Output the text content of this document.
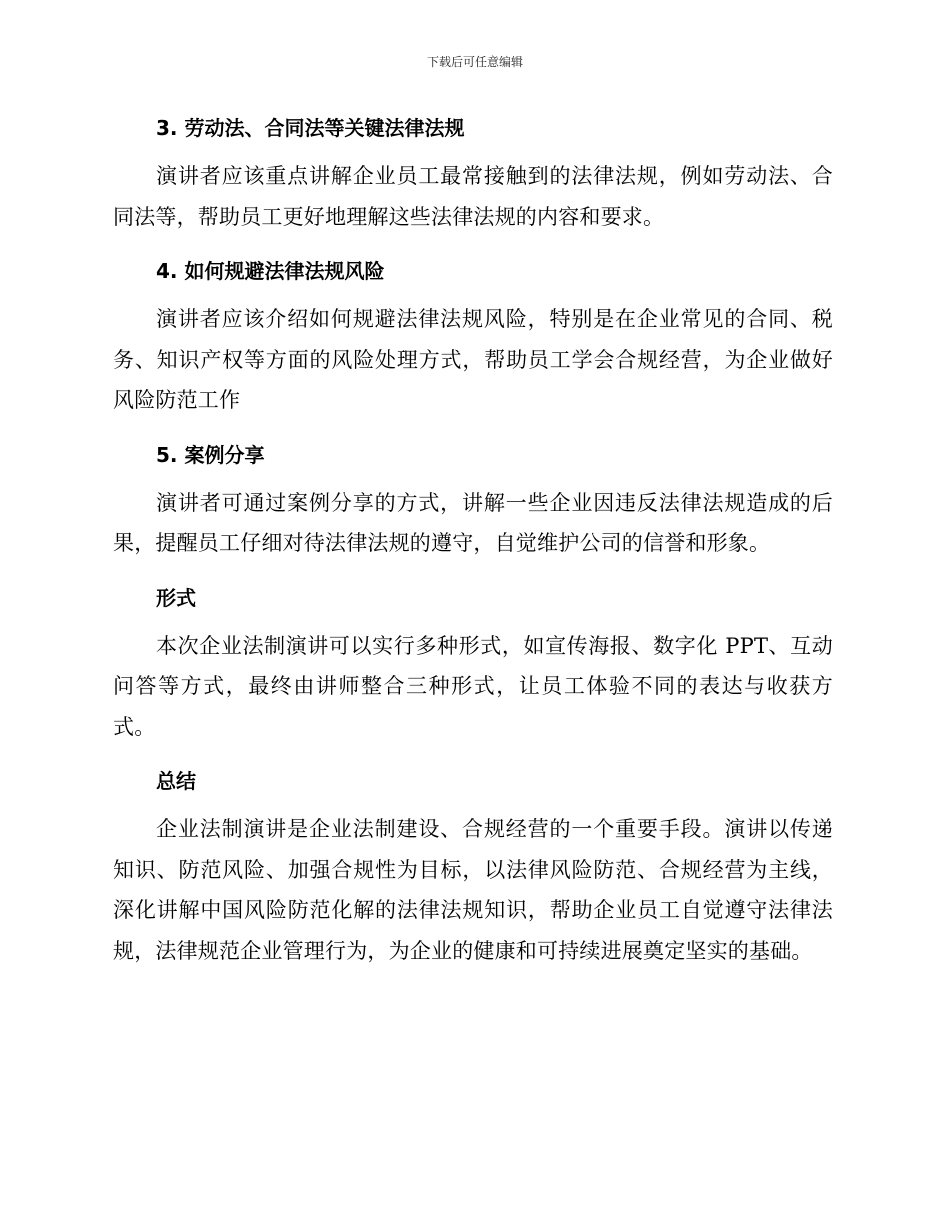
下载后可任意编辑
3. 劳动法、合同法等关键法律法规

演讲者应该重点讲解企业员工最常接触到的法律法规，例如劳动法、合同法等，帮助员工更好地理解这些法律法规的内容和要求。

4. 如何规避法律法规风险

演讲者应该介绍如何规避法律法规风险，特别是在企业常见的合同、税务、知识产权等方面的风险处理方式，帮助员工学会合规经营，为企业做好风险防范工作

5. 案例分享

演讲者可通过案例分享的方式，讲解一些企业因违反法律法规造成的后果，提醒员工仔细对待法律法规的遵守，自觉维护公司的信誉和形象。

形式

本次企业法制演讲可以实行多种形式，如宣传海报、数字化 PPT、互动问答等方式，最终由讲师整合三种形式，让员工体验不同的表达与收获方式。

总结

企业法制演讲是企业法制建设、合规经营的一个重要手段。演讲以传递知识、防范风险、加强合规性为目标，以法律风险防范、合规经营为主线，深化讲解中国风险防范化解的法律法规知识，帮助企业员工自觉遵守法律法规，法律规范企业管理行为，为企业的健康和可持续进展奠定坚实的基础。
